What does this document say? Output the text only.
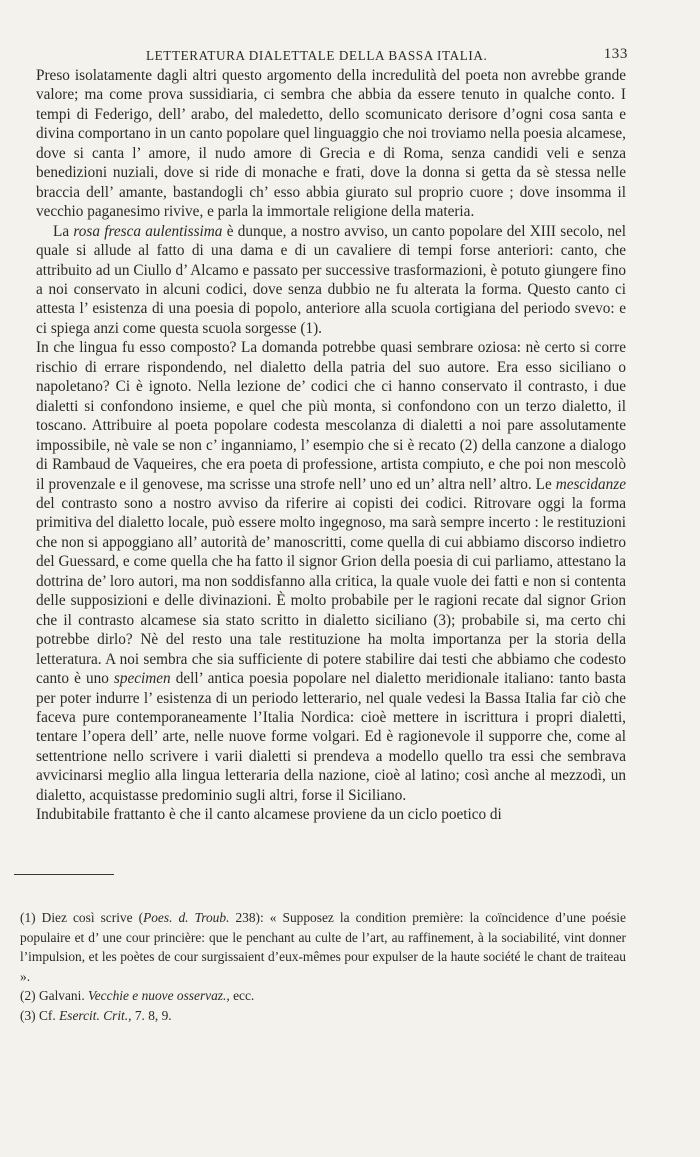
LETTERATURA DIALETTALE DELLA BASSA ITALIA.	133

Preso isolatamente dagli altri questo argomento della incredulità del poeta non avrebbe grande valore; ma come prova sussidiaria, ci sembra che abbia da essere tenuto in qualche conto. I tempi di Federigo, dell’ arabo, del maledetto, dello scomunicato derisore d’ogni cosa santa e divina comportano in un canto popolare quel linguaggio che noi troviamo nella poesia alcamese, dove si canta l’ amore, il nudo amore di Grecia e di Roma, senza candidi veli e senza benedizioni nuziali, dove si ride di monache e frati, dove la donna si getta da sè stessa nelle braccia dell’ amante, bastandogli ch’ esso abbia giurato sul proprio cuore ; dove insomma il vecchio paganesimo rivive, e parla la immortale religione della materia.

La rosa fresca aulentissima è dunque, a nostro avviso, un canto popolare del XIII secolo, nel quale si allude al fatto di una dama e di un cavaliere di tempi forse anteriori: canto, che attribuito ad un Ciullo d’ Alcamo e passato per successive trasformazioni, è potuto giungere fino a noi conservato in alcuni codici, dove senza dubbio ne fu alterata la forma. Questo canto ci attesta l’ esistenza di una poesia di popolo, anteriore alla scuola cortigiana del periodo svevo: e ci spiega anzi come questa scuola sorgesse (1).

In che lingua fu esso composto? La domanda potrebbe quasi sembrare oziosa: nè certo si corre rischio di errare rispondendo, nel dialetto della patria del suo autore. Era esso siciliano o napoletano? Ci è ignoto. Nella lezione de’ codici che ci hanno conservato il contrasto, i due dialetti si confondono insieme, e quel che più monta, si confondono con un terzo dialetto, il toscano. Attribuire al poeta popolare codesta mescolanza di dialetti a noi pare assolutamente impossibile, nè vale se non c’ inganniamo, l’ esempio che si è recato (2) della canzone a dialogo di Rambaud de Vaqueires, che era poeta di professione, artista compiuto, e che poi non mescolò il provenzale e il genovese, ma scrisse una strofe nell’ uno ed un’ altra nell’ altro. Le mescidanze del contrasto sono a nostro avviso da riferire ai copisti dei codici. Ritrovare oggi la forma primitiva del dialetto locale, può essere molto ingegnoso, ma sarà sempre incerto : le restituzioni che non si appoggiano all’ autorità de’ manoscritti, come quella di cui abbiamo discorso indietro del Guessard, e come quella che ha fatto il signor Grion della poesia di cui parliamo, attestano la dottrina de’ loro autori, ma non soddisfanno alla critica, la quale vuole dei fatti e non si contenta delle supposizioni e delle divinazioni. È molto probabile per le ragioni recate dal signor Grion che il contrasto alcamese sia stato scritto in dialetto siciliano (3); probabile si, ma certo chi potrebbe dirlo? Nè del resto una tale restituzione ha molta importanza per la storia della letteratura. A noi sembra che sia sufficiente di potere stabilire dai testi che abbiamo che codesto canto è uno specimen dell’ antica poesia popolare nel dialetto meridionale italiano: tanto basta per poter indurre l’ esistenza di un periodo letterario, nel quale vedesi la Bassa Italia far ciò che faceva pure contemporaneamente l’Italia Nordica: cioè mettere in iscrittura i propri dialetti, tentare l’opera dell’ arte, nelle nuove forme volgari. Ed è ragionevole il supporre che, come al settentrione nello scrivere i varii dialetti si prendeva a modello quello tra essi che sembrava avvicinarsi meglio alla lingua letteraria della nazione, cioè al latino; così anche al mezzodì, un dialetto, acquistasse predominio sugli altri, forse il Siciliano.

Indubitabile frattanto è che il canto alcamese proviene da un ciclo poetico di

(1) Diez così scrive (Poes. d. Troub. 238): « Supposez la condition première: la coïncidence d’une poésie populaire et d’ une cour princière: que le penchant au culte de l’art, au raffinement, à la sociabilité, vint donner l’impulsion, et les poètes de cour surgissaient d’eux-mêmes pour expulser de la haute société le chant de traiteau ».

(2) Galvani. Vecchie e nuove osservaz., ecc.

(3) Cf. Esercit. Crit., 7. 8, 9.
